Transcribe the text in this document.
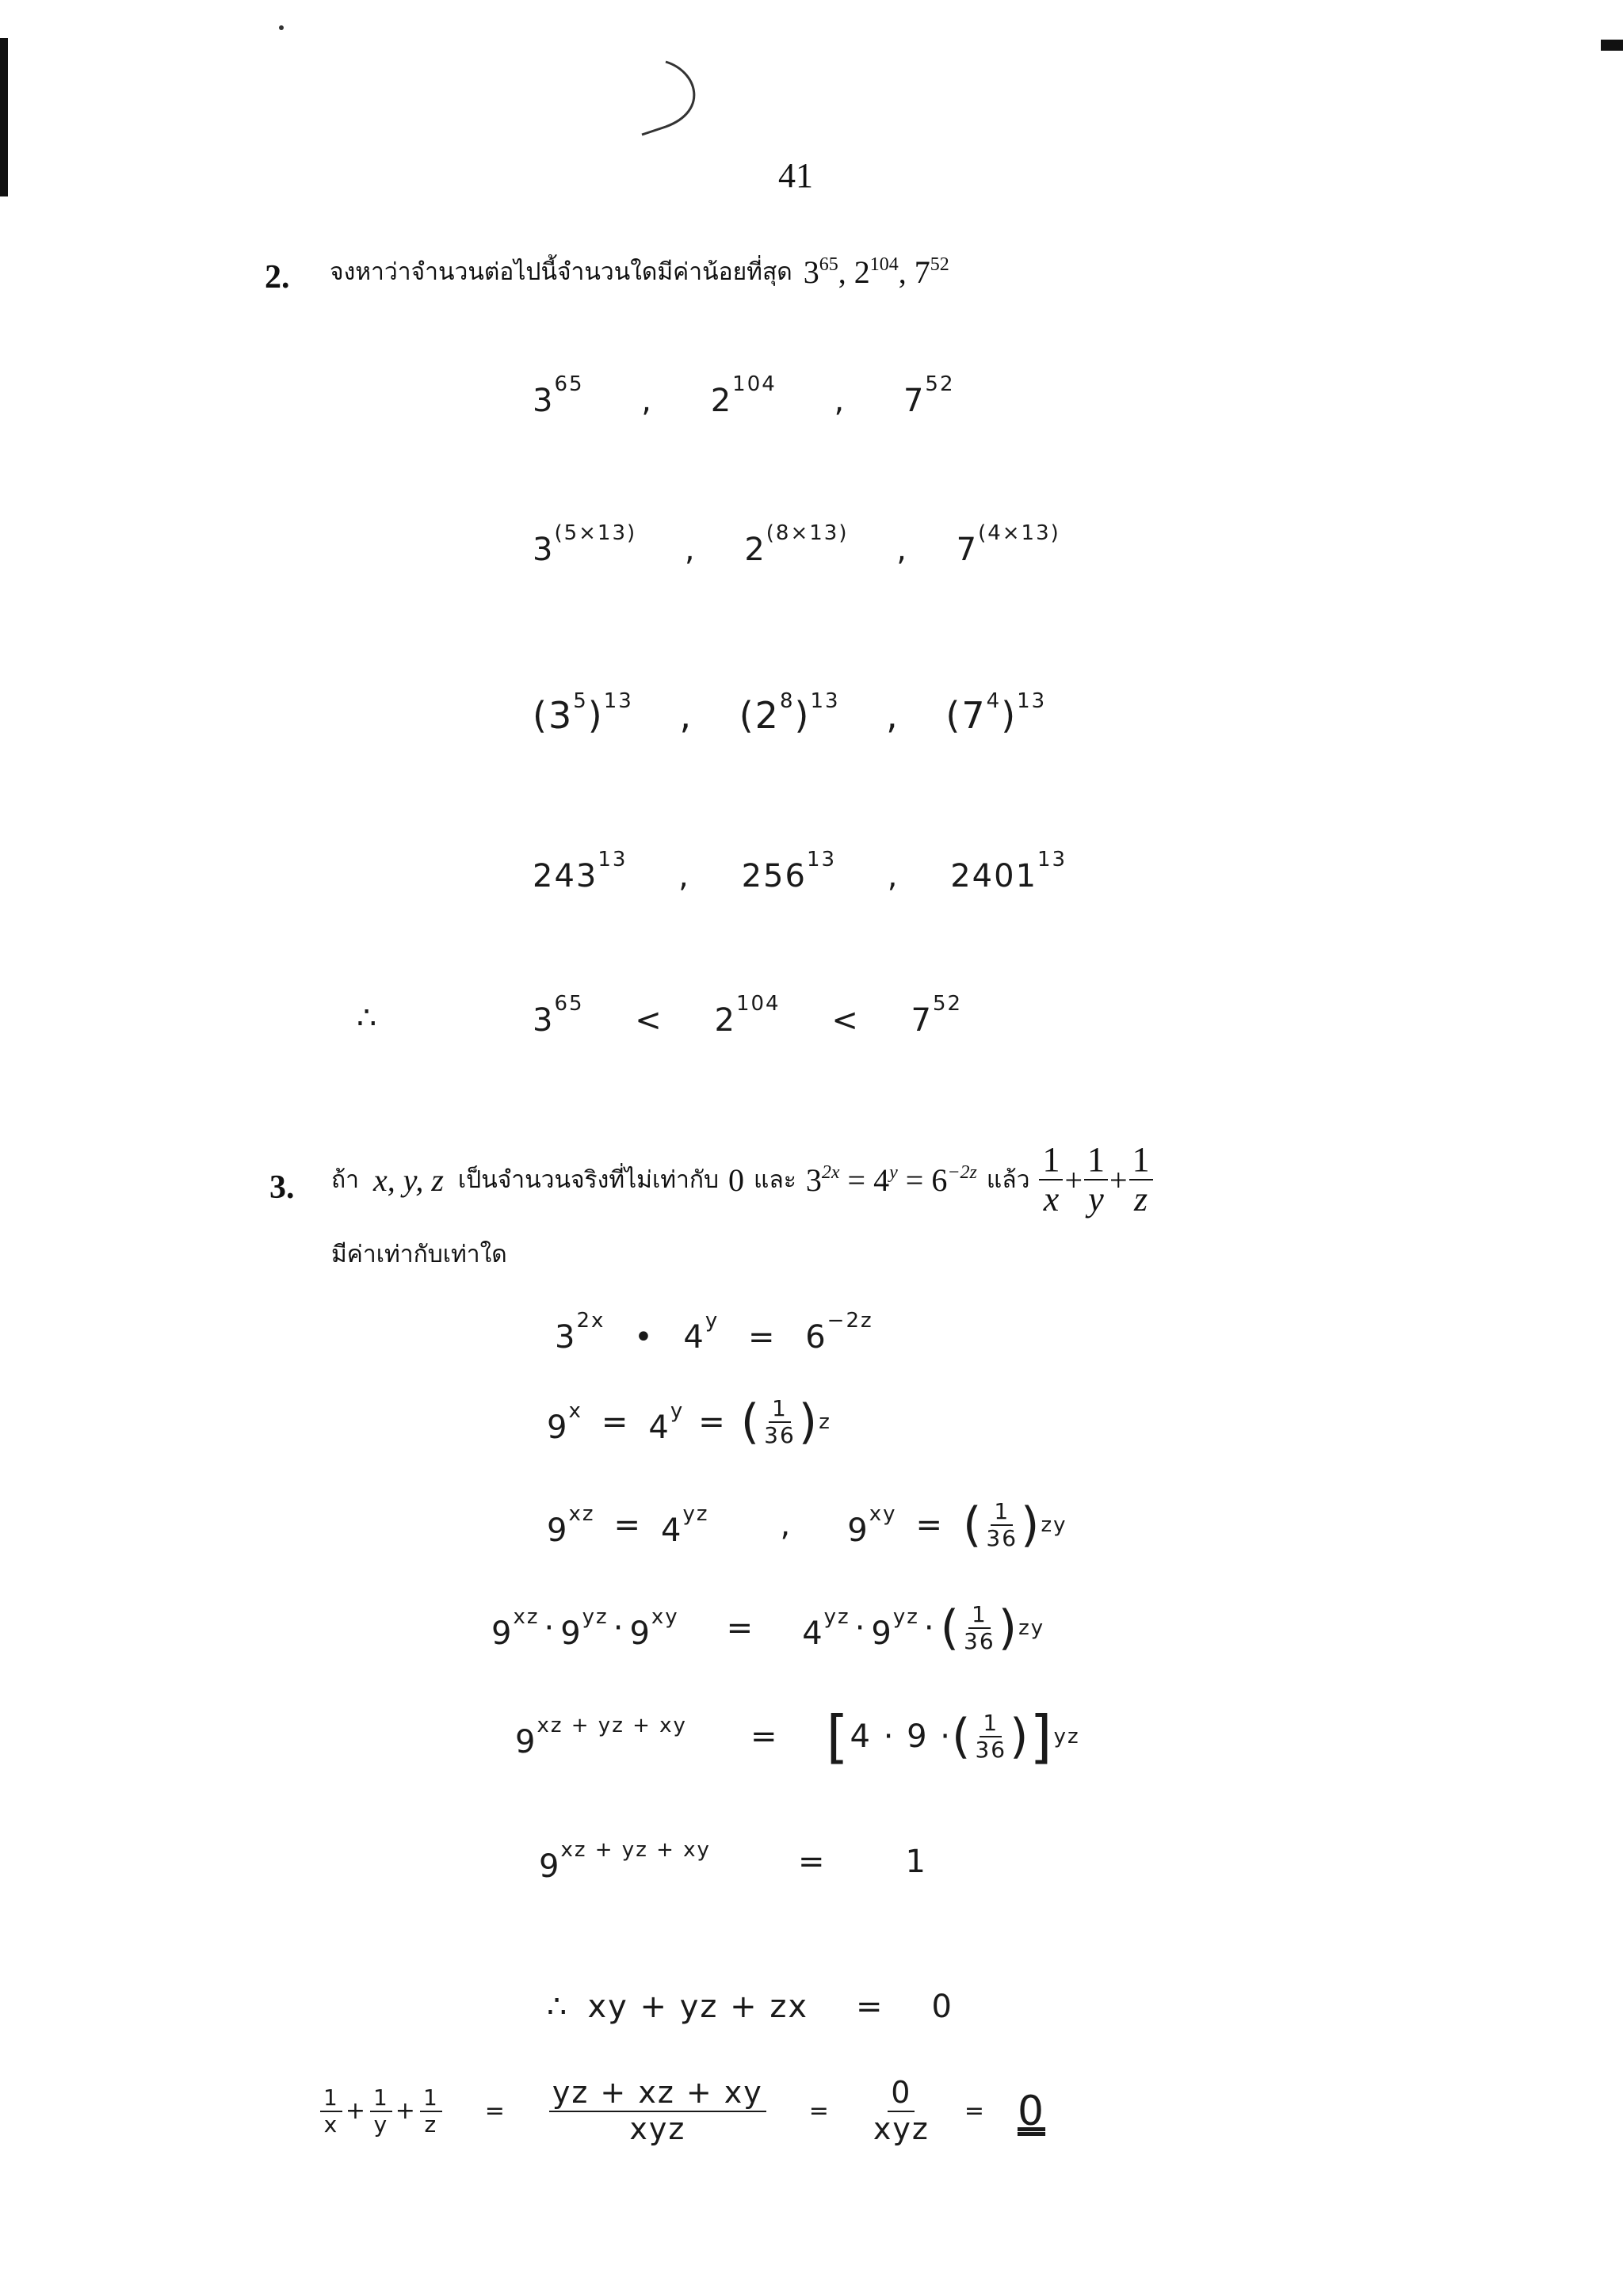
41
2. จงหาว่าจำนวนต่อไปนี้จำนวนใดมีค่าน้อยที่สุด $3^{65}$, $2^{104}$, $7^{52}$
$3^{65}$ , $2^{104}$ , $7^{52}$
$3^{(5\times 13)}$ , $2^{(8\times 13)}$ , $7^{(4\times 13)}$
$(3^5)^{13}$ , $(2^8)^{13}$ , $(7^4)^{13}$
$243^{13}$ , $256^{13}$ , 2401$^{13}$
∴	$3^{65} < 2^{104} < 7^{52}$
3. ถ้า x, y, z เป็นจำนวนจริงที่ไม่เท่ากับ 0 และ $3^{2x} = 4^y = 6^{-2z}$ แล้ว $\frac{1}{x} + \frac{1}{y} + \frac{1}{z}$
มีค่าเท่ากับเท่าใด
$3^{2x}$ • $4^y = 6^{-2z}$
$9^x = 4^y$ = ( $\frac{1}{36}$ ) z
$9^{xz} = 4^{yz}$ , $9^{xy}$ = ( $\frac{1}{36}$ ) zy
$9^{xz} \cdot 9^{yz} \cdot 9^{xy} = 4^{yz} \cdot 9^{yz}$ · ( $\frac{1}{36}$ ) zy
$9^{xz + yz + xy}$ = [ 4 · 9 · ( $\frac{1}{36}$ ) ] yz
$9^{xz + yz + xy}$	=	1
∴ xy + yz + zx = 0
$\frac{1}{x} + \frac{1}{y} + \frac{1}{z} = \frac{yz + xz + xy}{\text{xyz}} = \frac{0}{\text{xyz}} = 0$
